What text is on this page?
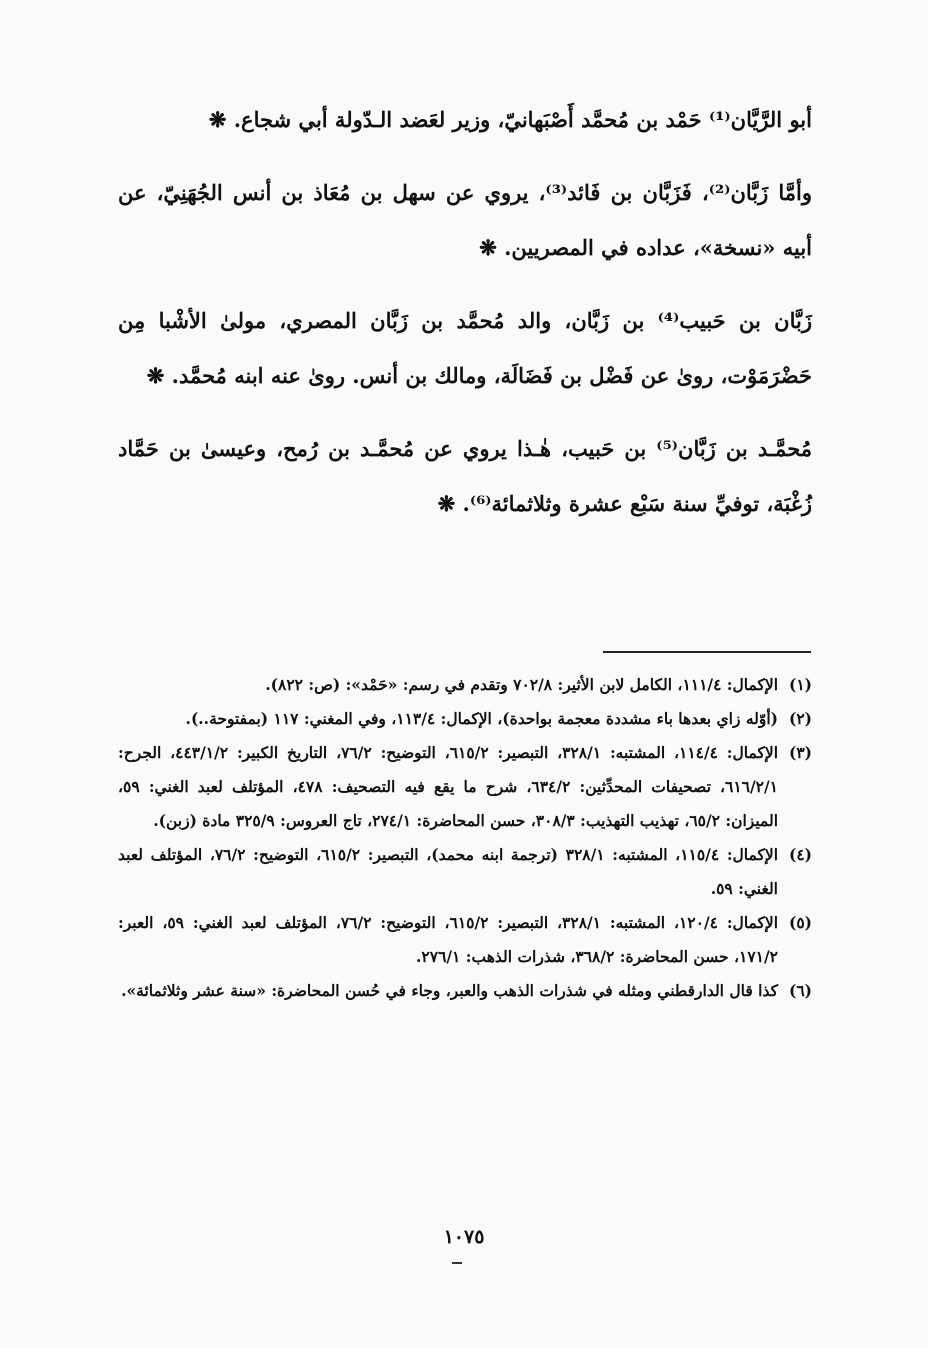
أبو الرَّيَّان⁽¹⁾ حَمْد بن مُحمَّد أَصْبَهانيّ، وزير لعَضد الـدّولة أبي شجاع. ❋

وأمَّا زَبَّان⁽²⁾، فَزَبَّان بن فَائد⁽³⁾، يروي عن سهل بن مُعَاذ بن أنس الجُهَنِيّ، عن أبيه «نسخة»، عداده في المصريين. ❋

زَبَّان بن حَبيب⁽⁴⁾ بن زَبَّان، والد مُحمَّد بن زَبَّان المصري، مولىٰ الأشْبا مِن حَضْرَمَوْت، روىٰ عن فَضْل بن فَضَالَة، ومالك بن أنس. روىٰ عنه ابنه مُحمَّد. ❋

مُحمَّـد بن زَبَّان⁽⁵⁾ بن حَبيب، هٰـذا يروي عن مُحمَّـد بن رُمح، وعيسىٰ بن حَمَّاد زُغْبَة، توفيِّ سنة سَبْع عشرة وثلاثمائة⁽⁶⁾. ❋

(١)
الإكمال: ١١١/٤، الكامل لابن الأثير: ٧٠٢/٨ وتقدم في رسم: «حَمْد»: (ص: ٨٢٢).
(٢)
(أوّله زاي بعدها باء مشددة معجمة بواحدة)، الإكمال: ١١٣/٤، وفي المغني: ١١٧ (بمفتوحة..).
(٣)
الإكمال: ١١٤/٤، المشتبه: ٣٢٨/١، التبصير: ٦١٥/٢، التوضيح: ٧٦/٢، التاريخ الكبير: ٤٤٣/١/٢، الجرح: ٦١٦/٢/١، تصحيفات المحدِّثين: ٦٣٤/٢، شرح ما يقع فيه التصحيف: ٤٧٨، المؤتلف لعبد الغني: ٥٩، الميزان: ٦٥/٢، تهذيب التهذيب: ٣٠٨/٣، حسن المحاضرة: ٢٧٤/١، تاج العروس: ٣٢٥/٩ مادة (زبن).
(٤)
الإكمال: ١١٥/٤، المشتبه: ٣٢٨/١ (ترجمة ابنه محمد)، التبصير: ٦١٥/٢، التوضيح: ٧٦/٢، المؤتلف لعبد الغني: ٥٩.
(٥)
الإكمال: ١٢٠/٤، المشتبه: ٣٢٨/١، التبصير: ٦١٥/٢، التوضيح: ٧٦/٢، المؤتلف لعبد الغني: ٥٩، العبر: ١٧١/٢، حسن المحاضرة: ٣٦٨/٢، شذرات الذهب: ٢٧٦/١.
(٦)
كذا قال الدارقطني ومثله في شذرات الذهب والعبر، وجاء في حُسن المحاضرة: «سنة عشر وثلاثمائة».
١٠٧٥
